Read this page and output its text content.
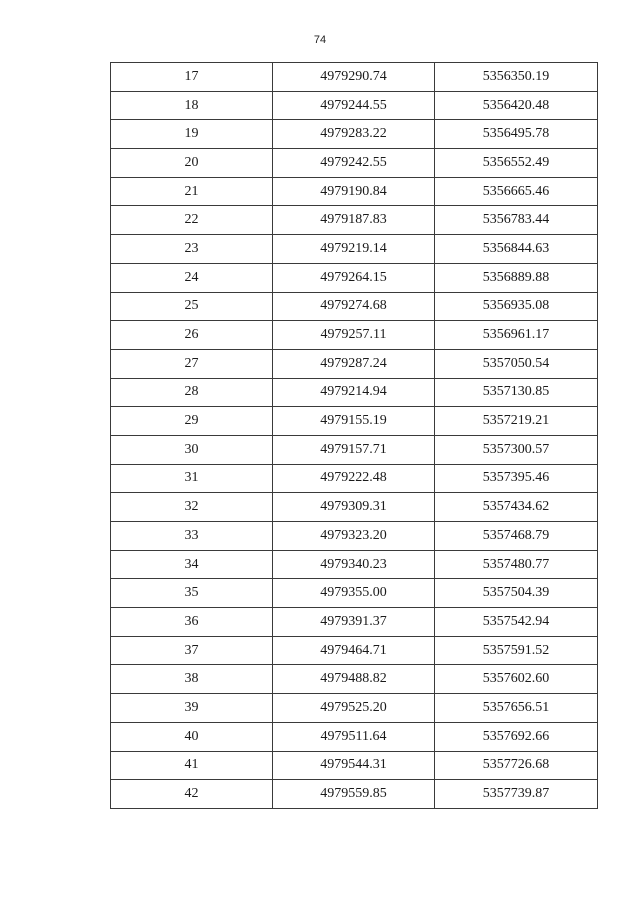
74
17	4979290.74	5356350.19
18	4979244.55	5356420.48
19	4979283.22	5356495.78
20	4979242.55	5356552.49
21	4979190.84	5356665.46
22	4979187.83	5356783.44
23	4979219.14	5356844.63
24	4979264.15	5356889.88
25	4979274.68	5356935.08
26	4979257.11	5356961.17
27	4979287.24	5357050.54
28	4979214.94	5357130.85
29	4979155.19	5357219.21
30	4979157.71	5357300.57
31	4979222.48	5357395.46
32	4979309.31	5357434.62
33	4979323.20	5357468.79
34	4979340.23	5357480.77
35	4979355.00	5357504.39
36	4979391.37	5357542.94
37	4979464.71	5357591.52
38	4979488.82	5357602.60
39	4979525.20	5357656.51
40	4979511.64	5357692.66
41	4979544.31	5357726.68
42	4979559.85	5357739.87
